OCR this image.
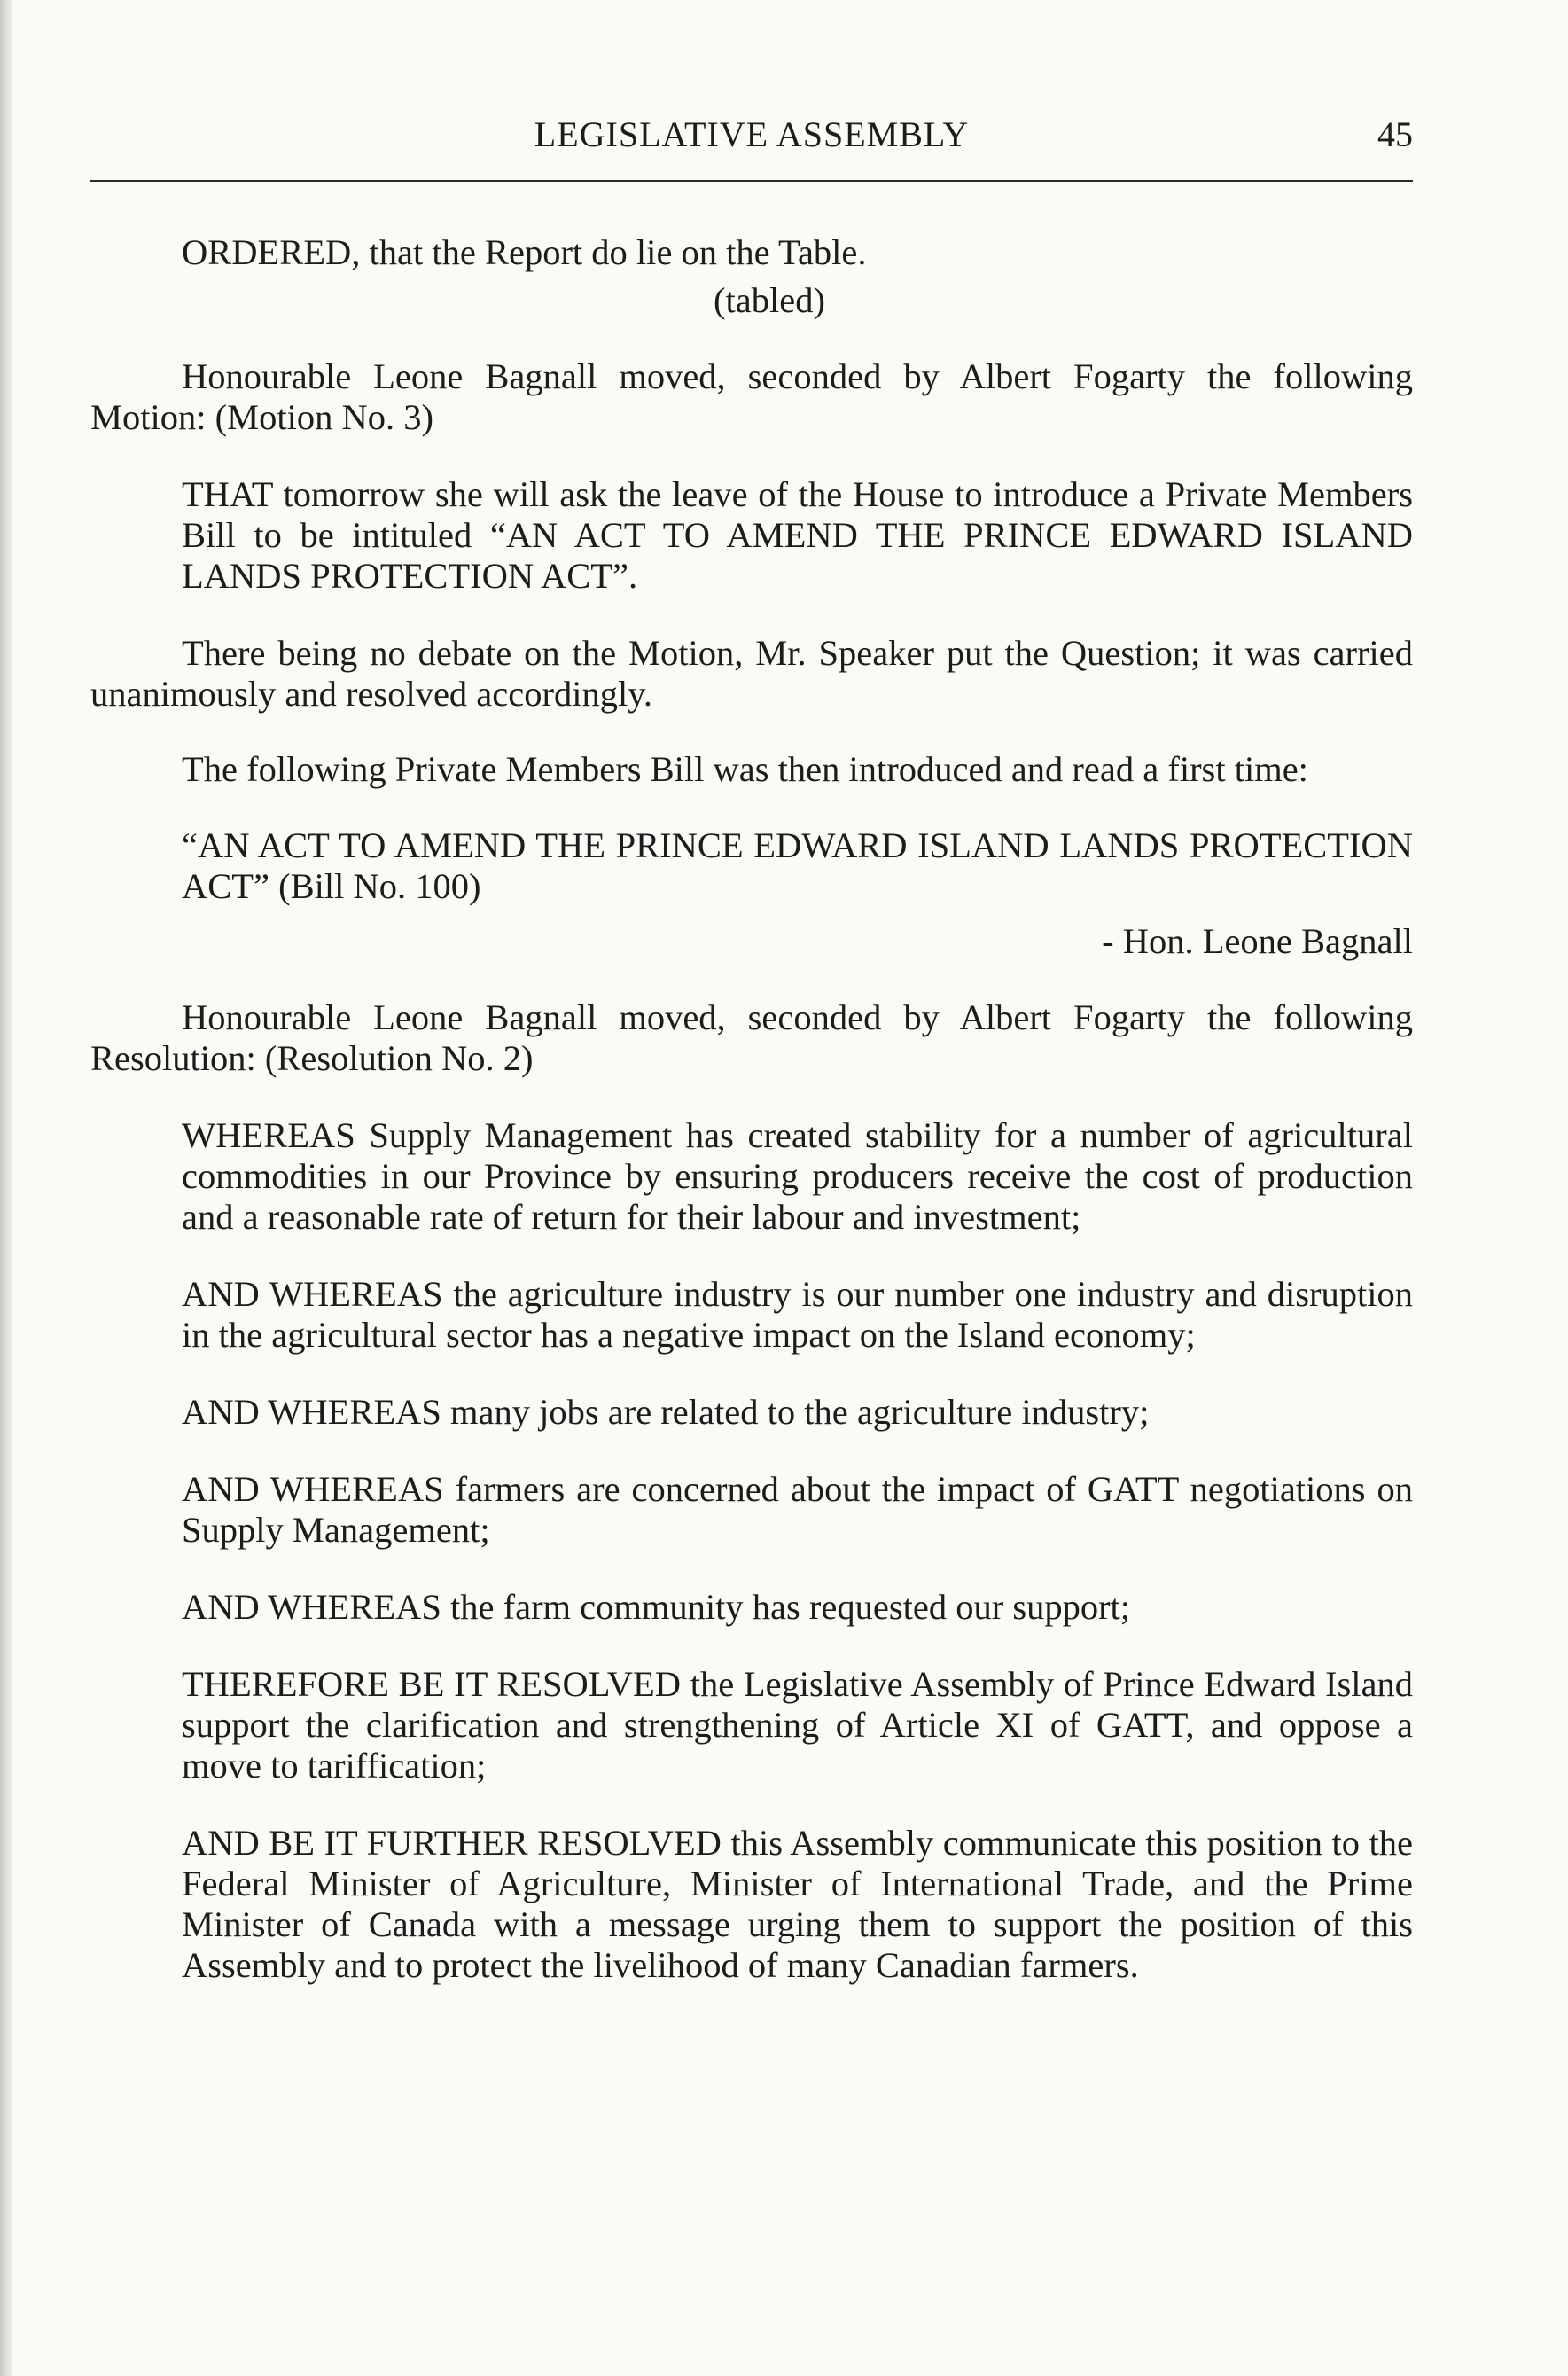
LEGISLATIVE ASSEMBLY	45

ORDERED, that the Report do lie on the Table.

(tabled)

Honourable Leone Bagnall moved, seconded by Albert Fogarty the following Motion: (Motion No. 3)

THAT tomorrow she will ask the leave of the House to introduce a Private Members Bill to be intituled “AN ACT TO AMEND THE PRINCE EDWARD ISLAND LANDS PROTECTION ACT”.

There being no debate on the Motion, Mr. Speaker put the Question; it was carried unanimously and resolved accordingly.

The following Private Members Bill was then introduced and read a first time:

“AN ACT TO AMEND THE PRINCE EDWARD ISLAND LANDS PROTECTION ACT” (Bill No. 100)

- Hon. Leone Bagnall

Honourable Leone Bagnall moved, seconded by Albert Fogarty the following Resolution: (Resolution No. 2)

WHEREAS Supply Management has created stability for a number of agricultural commodities in our Province by ensuring producers receive the cost of production and a reasonable rate of return for their labour and investment;

AND WHEREAS the agriculture industry is our number one industry and disruption in the agricultural sector has a negative impact on the Island economy;

AND WHEREAS many jobs are related to the agriculture industry;

AND WHEREAS farmers are concerned about the impact of GATT negotiations on Supply Management;

AND WHEREAS the farm community has requested our support;

THEREFORE BE IT RESOLVED the Legislative Assembly of Prince Edward Island support the clarification and strengthening of Article XI of GATT, and oppose a move to tariffication;

AND BE IT FURTHER RESOLVED this Assembly communicate this position to the Federal Minister of Agriculture, Minister of International Trade, and the Prime Minister of Canada with a message urging them to support the position of this Assembly and to protect the livelihood of many Canadian farmers.
